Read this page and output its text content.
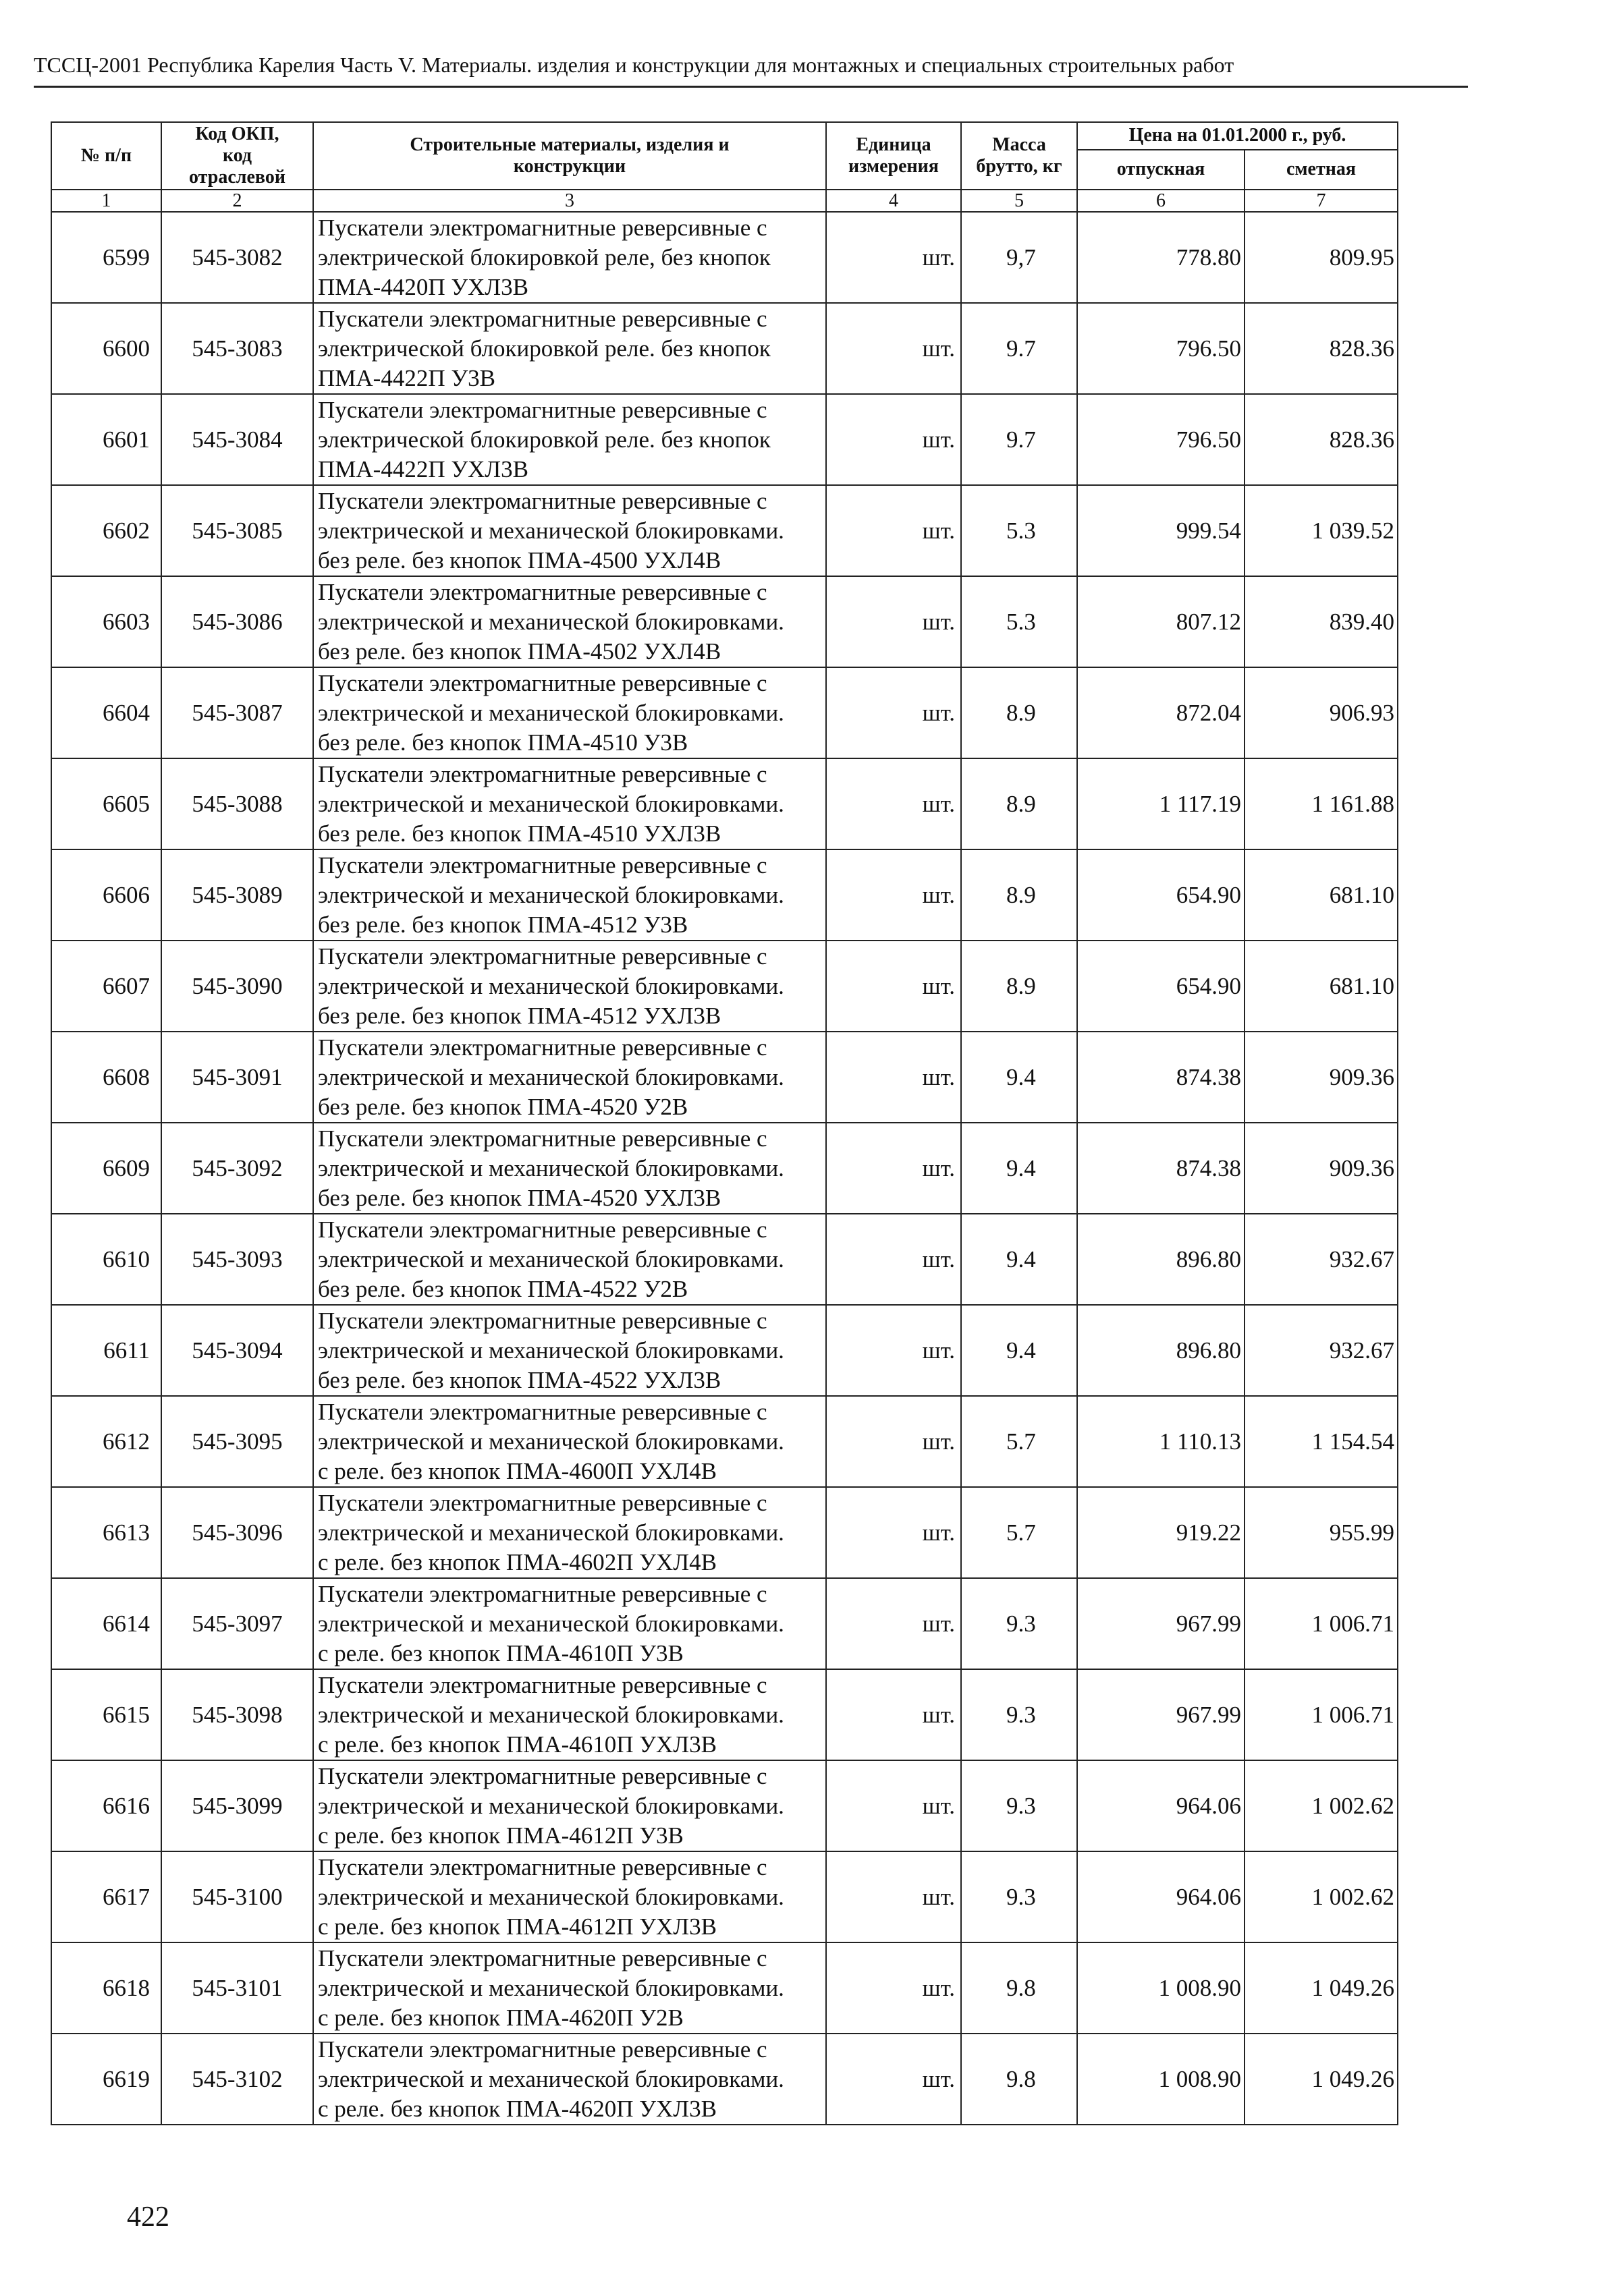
ТССЦ-2001 Республика Карелия Часть V. Материалы. изделия и конструкции для монтажных и специальных строительных работ
№ п/п	Код ОКП,
код
отраслевой	Строительные материалы, изделия и
конструкции	Единица
измерения	Масса
брутто, кг	Цена на 01.01.2000 г., руб.	
					отпускная	сметная
1	2	3	4	5	6	7
6599	545-3082	Пускатели электромагнитные реверсивные с
электрической блокировкой реле, без кнопок
ПМА-4420П УХЛ3В	шт.	9,7	778.80	809.95
6600	545-3083	Пускатели электромагнитные реверсивные с
электрической блокировкой реле. без кнопок
ПМА-4422П У3В	шт.	9.7	796.50	828.36
6601	545-3084	Пускатели электромагнитные реверсивные с
электрической блокировкой реле. без кнопок
ПМА-4422П УХЛ3В	шт.	9.7	796.50	828.36
6602	545-3085	Пускатели электромагнитные реверсивные с
электрической и механической блокировками.
без реле. без кнопок ПМА-4500 УХЛ4В	шт.	5.3	999.54	1 039.52
6603	545-3086	Пускатели электромагнитные реверсивные с
электрической и механической блокировками.
без реле. без кнопок ПМА-4502 УХЛ4В	шт.	5.3	807.12	839.40
6604	545-3087	Пускатели электромагнитные реверсивные с
электрической и механической блокировками.
без реле. без кнопок ПМА-4510 У3В	шт.	8.9	872.04	906.93
6605	545-3088	Пускатели электромагнитные реверсивные с
электрической и механической блокировками.
без реле. без кнопок ПМА-4510 УХЛ3В	шт.	8.9	1 117.19	1 161.88
6606	545-3089	Пускатели электромагнитные реверсивные с
электрической и механической блокировками.
без реле. без кнопок ПМА-4512 У3В	шт.	8.9	654.90	681.10
6607	545-3090	Пускатели электромагнитные реверсивные с
электрической и механической блокировками.
без реле. без кнопок ПМА-4512 УХЛ3В	шт.	8.9	654.90	681.10
6608	545-3091	Пускатели электромагнитные реверсивные с
электрической и механической блокировками.
без реле. без кнопок ПМА-4520 У2В	шт.	9.4	874.38	909.36
6609	545-3092	Пускатели электромагнитные реверсивные с
электрической и механической блокировками.
без реле. без кнопок ПМА-4520 УХЛ3В	шт.	9.4	874.38	909.36
6610	545-3093	Пускатели электромагнитные реверсивные с
электрической и механической блокировками.
без реле. без кнопок ПМА-4522 У2В	шт.	9.4	896.80	932.67
6611	545-3094	Пускатели электромагнитные реверсивные с
электрической и механической блокировками.
без реле. без кнопок ПМА-4522 УХЛ3В	шт.	9.4	896.80	932.67
6612	545-3095	Пускатели электромагнитные реверсивные с
электрической и механической блокировками.
с реле. без кнопок ПМА-4600П УХЛ4В	шт.	5.7	1 110.13	1 154.54
6613	545-3096	Пускатели электромагнитные реверсивные с
электрической и механической блокировками.
с реле. без кнопок ПМА-4602П УХЛ4В	шт.	5.7	919.22	955.99
6614	545-3097	Пускатели электромагнитные реверсивные с
электрической и механической блокировками.
с реле. без кнопок ПМА-4610П У3В	шт.	9.3	967.99	1 006.71
6615	545-3098	Пускатели электромагнитные реверсивные с
электрической и механической блокировками.
с реле. без кнопок ПМА-4610П УХЛ3В	шт.	9.3	967.99	1 006.71
6616	545-3099	Пускатели электромагнитные реверсивные с
электрической и механической блокировками.
с реле. без кнопок ПМА-4612П У3В	шт.	9.3	964.06	1 002.62
6617	545-3100	Пускатели электромагнитные реверсивные с
электрической и механической блокировками.
с реле. без кнопок ПМА-4612П УХЛ3В	шт.	9.3	964.06	1 002.62
6618	545-3101	Пускатели электромагнитные реверсивные с
электрической и механической блокировками.
с реле. без кнопок ПМА-4620П У2В	шт.	9.8	1 008.90	1 049.26
6619	545-3102	Пускатели электромагнитные реверсивные с
электрической и механической блокировками.
с реле. без кнопок ПМА-4620П УХЛ3В	шт.	9.8	1 008.90	1 049.26
422
